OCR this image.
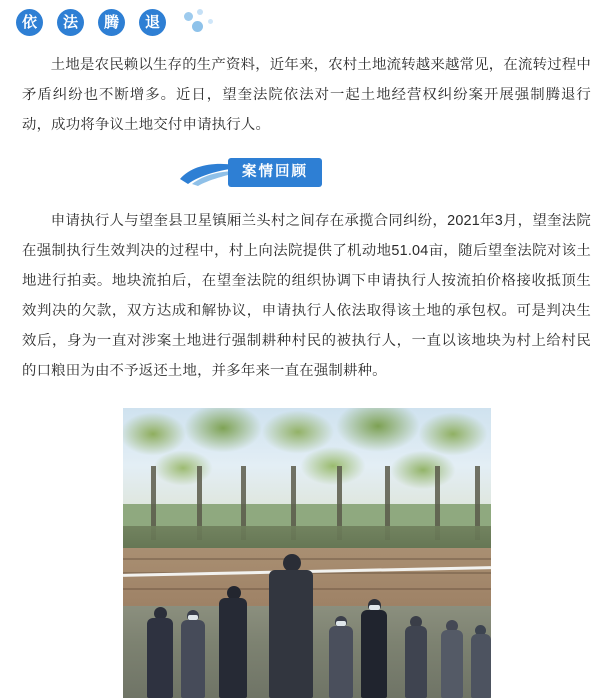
依	法	腾	退

土地是农民赖以生存的生产资料，近年来，农村土地流转越来越常见，在流转过程中矛盾纠纷也不断增多。近日，望奎法院依法对一起土地经营权纠纷案开展强制腾退行动，成功将争议土地交付申请执行人。

案情回顾

申请执行人与望奎县卫星镇厢兰头村之间存在承揽合同纠纷，2021年3月，望奎法院在强制执行生效判决的过程中，村上向法院提供了机动地51.04亩，随后望奎法院对该土地进行拍卖。地块流拍后，在望奎法院的组织协调下申请执行人按流拍价格接收抵顶生效判决的欠款，双方达成和解协议，申请执行人依法取得该土地的承包权。可是判决生效后，身为一直对涉案土地进行强制耕种村民的被执行人，一直以该地块为村上给村民的口粮田为由不予返还土地，并多年来一直在强制耕种。
